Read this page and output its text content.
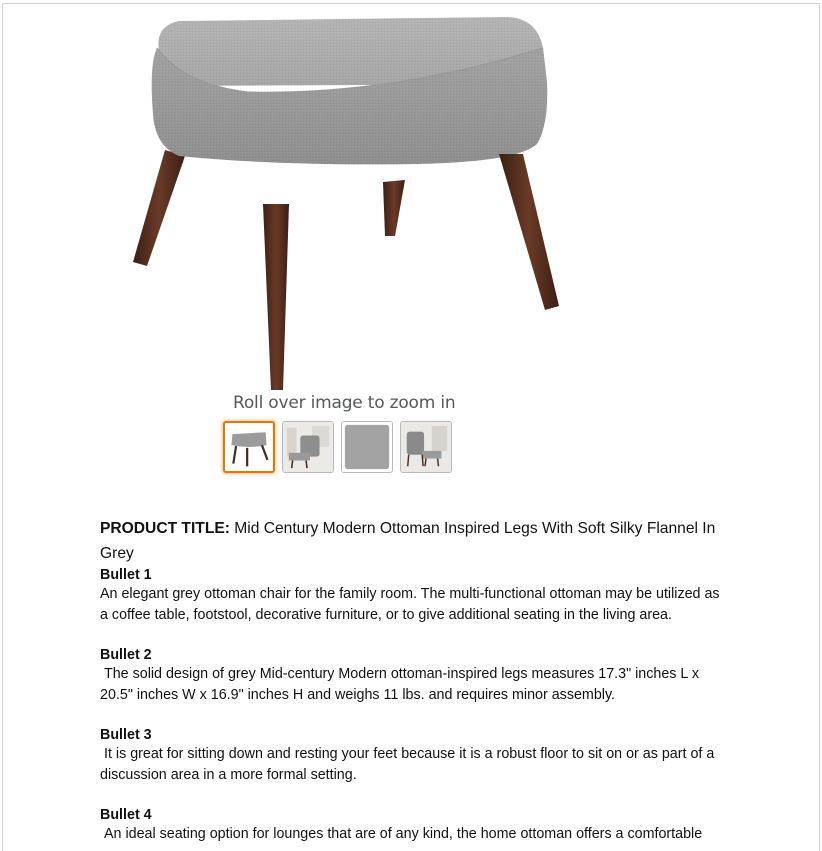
Roll over image to zoom in

PRODUCT TITLE: Mid Century Modern Ottoman Inspired Legs With Soft Silky Flannel In Grey

Bullet 1

An elegant grey ottoman chair for the family room. The multi-functional ottoman may be utilized as a coffee table, footstool, decorative furniture, or to give additional seating in the living area.

Bullet 2

The solid design of grey Mid-century Modern ottoman-inspired legs measures 17.3" inches L x 20.5" inches W x 16.9" inches H and weighs 11 lbs. and requires minor assembly.

Bullet 3

It is great for sitting down and resting your feet because it is a robust floor to sit on or as part of a discussion area in a more formal setting.

Bullet 4

An ideal seating option for lounges that are of any kind, the home ottoman offers a comfortable
